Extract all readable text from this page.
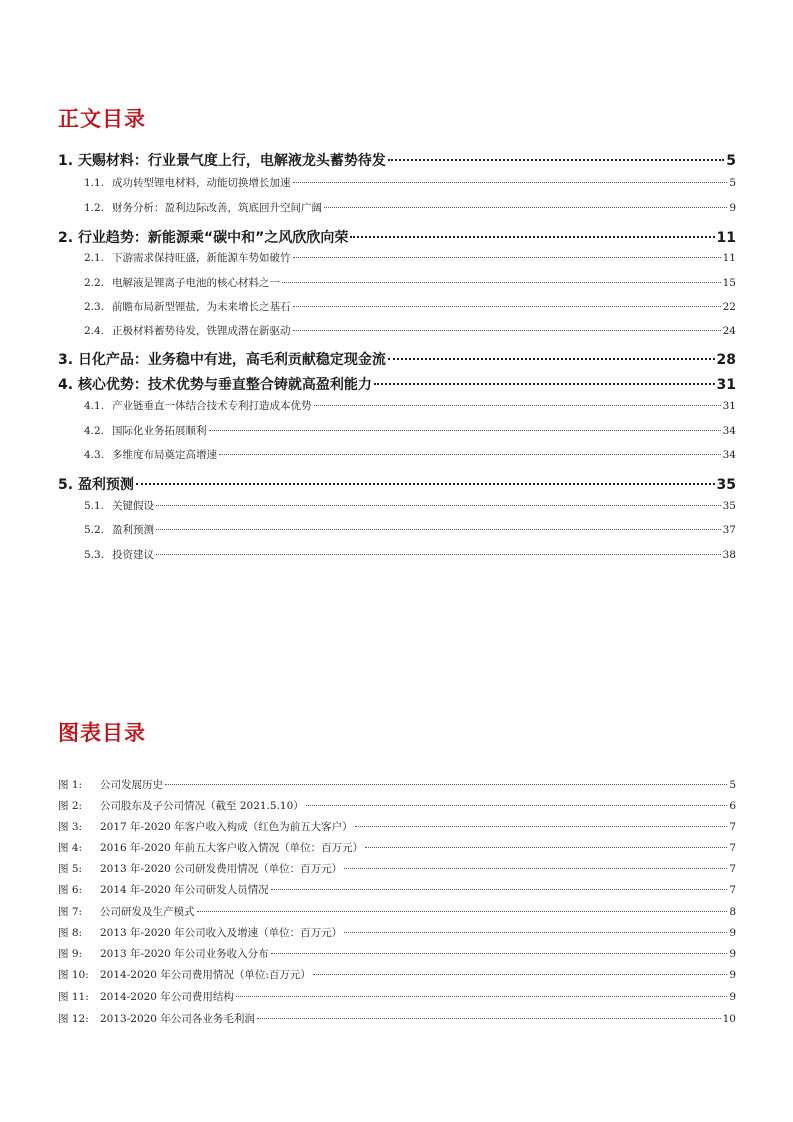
正文目录
1. 天赐材料：行业景气度上行，电解液龙头蓄势待发	5
1.1. 成功转型锂电材料，动能切换增长加速	5
1.2. 财务分析：盈利边际改善，筑底回升空间广阔	9
2. 行业趋势：新能源乘“碳中和”之风欣欣向荣	11
2.1. 下游需求保持旺盛，新能源车势如破竹	11
2.2. 电解液是锂离子电池的核心材料之一	15
2.3. 前瞻布局新型锂盐，为未来增长之基石	22
2.4. 正极材料蓄势待发，铁锂成潜在新驱动	24
3. 日化产品：业务稳中有进，高毛利贡献稳定现金流	28
4. 核心优势：技术优势与垂直整合铸就高盈利能力	31
4.1. 产业链垂直一体结合技术专利打造成本优势	31
4.2. 国际化业务拓展顺利	34
4.3. 多维度布局奠定高增速	34
5. 盈利预测	35
5.1. 关键假设	35
5.2. 盈利预测	37
5.3. 投资建议	38
图表目录
图 1: 公司发展历史	5
图 2: 公司股东及子公司情况（截至 2021.5.10）	6
图 3: 2017 年-2020 年客户收入构成（红色为前五大客户）	7
图 4: 2016 年-2020 年前五大客户收入情况（单位：百万元）	7
图 5: 2013 年-2020 公司研发费用情况（单位：百万元）	7
图 6: 2014 年-2020 年公司研发人员情况	7
图 7: 公司研发及生产模式	8
图 8: 2013 年-2020 年公司收入及增速（单位：百万元）	9
图 9: 2013 年-2020 年公司业务收入分布	9
图 10: 2014-2020 年公司费用情况（单位:百万元）	9
图 11: 2014-2020 年公司费用结构	9
图 12: 2013-2020 年公司各业务毛利润	10
